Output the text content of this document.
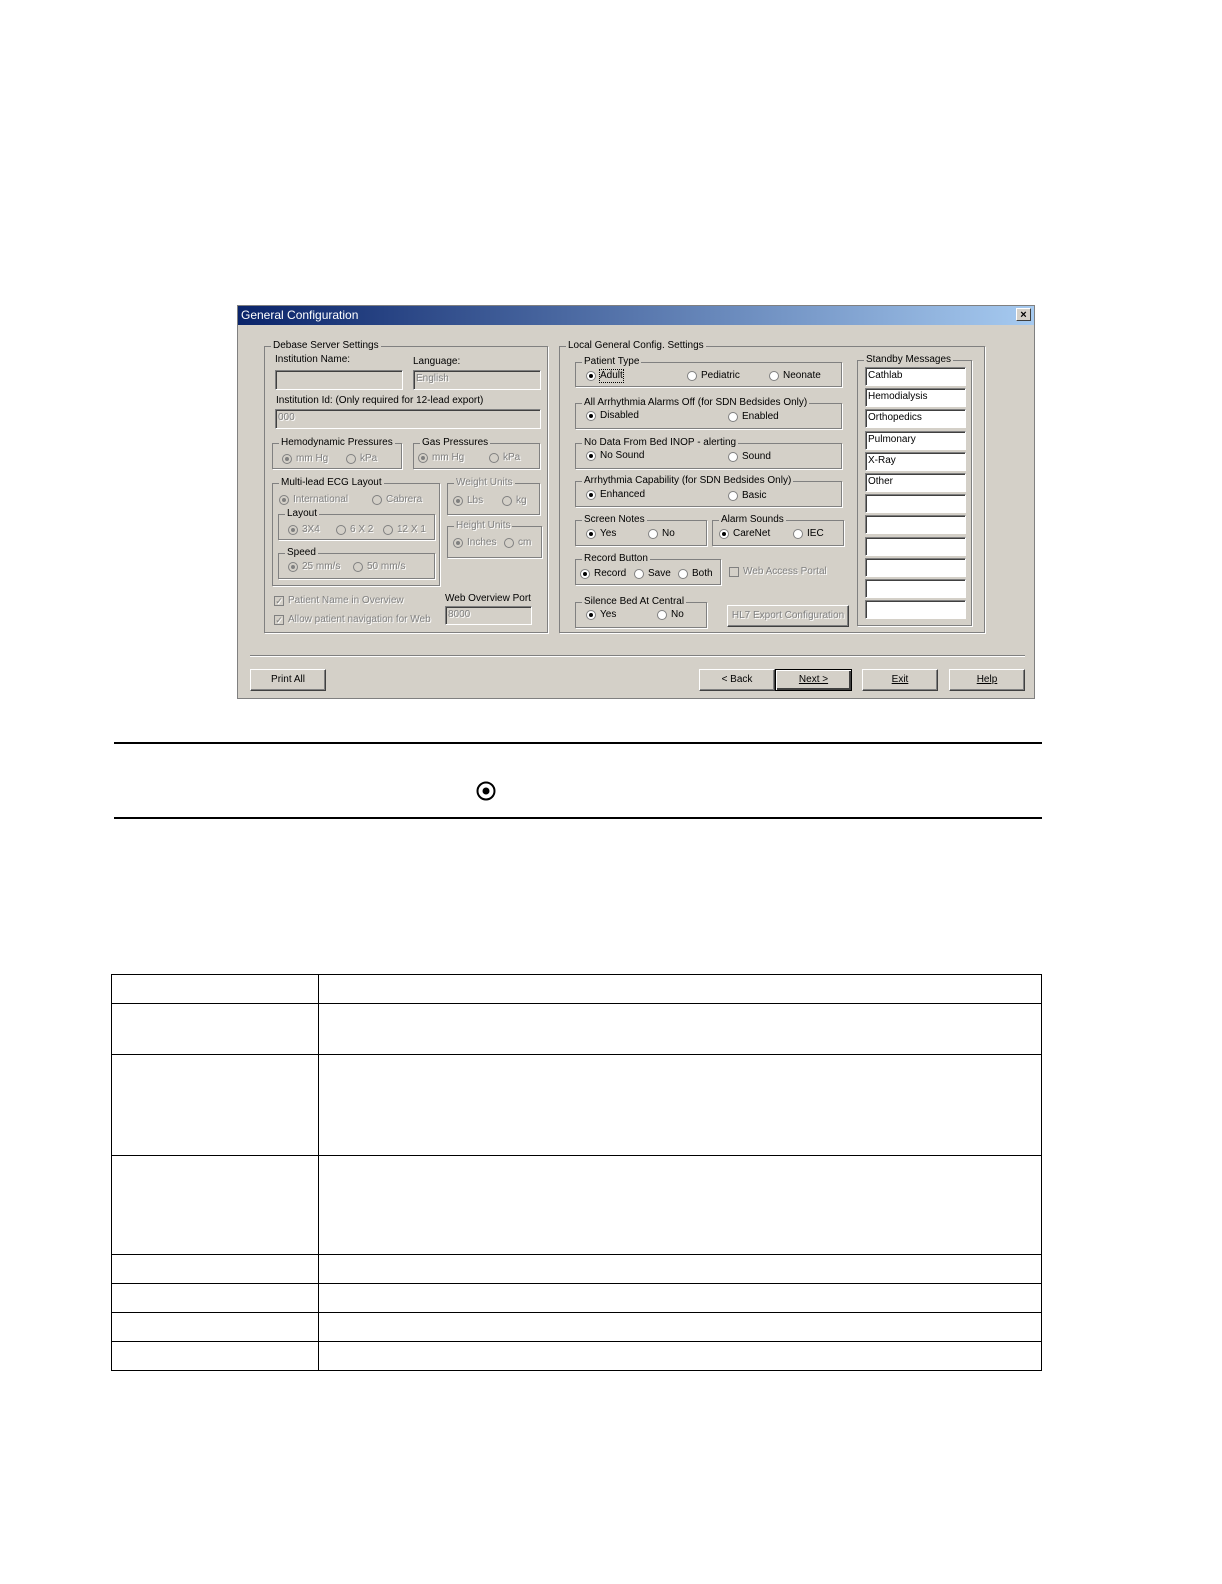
General Configuration	×
Debase Server Settings
Institution Name:	Language:
English
Institution Id: (Only required for 12-lead export)
000
Hemodynamic Pressures
mm Hg	kPa
Gas Pressures
mm Hg	kPa
Multi-lead ECG Layout
International	Cabrera
Layout
3X4	6 X 2 12 X 1
Speed
25 mm/s	50 mm/s
Weight Units
Lbs	kg
Height Units
Inches cm
✓ Patient Name in Overview
✓ Allow patient navigation for Web
Web Overview Port
8000
Local General Config. Settings
Patient Type
Adult	Pediatric	Neonate
All Arrhythmia Alarms Off (for SDN Bedsides Only)
Disabled	Enabled
No Data From Bed INOP - alerting
No Sound	Sound
Arrhythmia Capability (for SDN Bedsides Only)
Enhanced	Basic
Screen Notes
Yes	No
Alarm Sounds
CareNet	IEC
Record Button
Record Save Both	Web Access Portal
Silence Bed At Central
Yes	No	HL7 Export Configuration
Standby Messages
Print All	< Back	Next >	Exit	Help
Cathlab
Hemodialysis
Orthopedics
Pulmonary
X-Ray
Other
